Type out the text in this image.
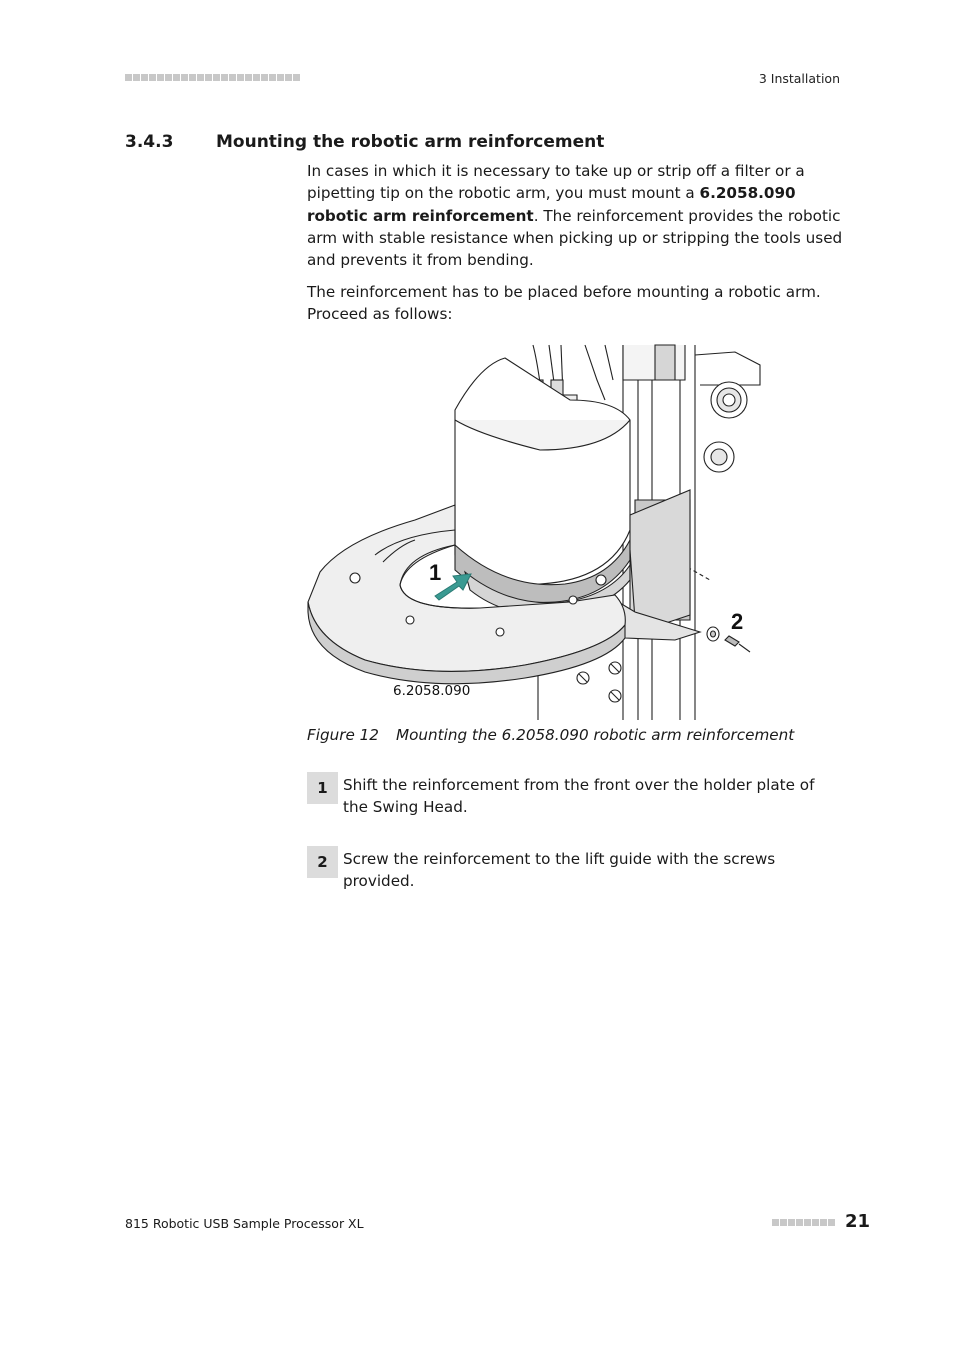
3 Installation
3.4.3	Mounting the robotic arm reinforcement

In cases in which it is necessary to take up or strip off a filter or a pipetting tip on the robotic arm, you must mount a 6.2058.090 robotic arm reinforcement. The reinforcement provides the robotic arm with stable resistance when picking up or stripping the tools used and prevents it from bending.

The reinforcement has to be placed before mounting a robotic arm. Proceed as follows:

1
2
6.2058.090
Figure 12 Mounting the 6.2058.090 robotic arm reinforcement
1	Shift the reinforcement from the front over the holder plate of the Swing Head.
2	Screw the reinforcement to the lift guide with the screws provided.
815 Robotic USB Sample Processor XL	21
